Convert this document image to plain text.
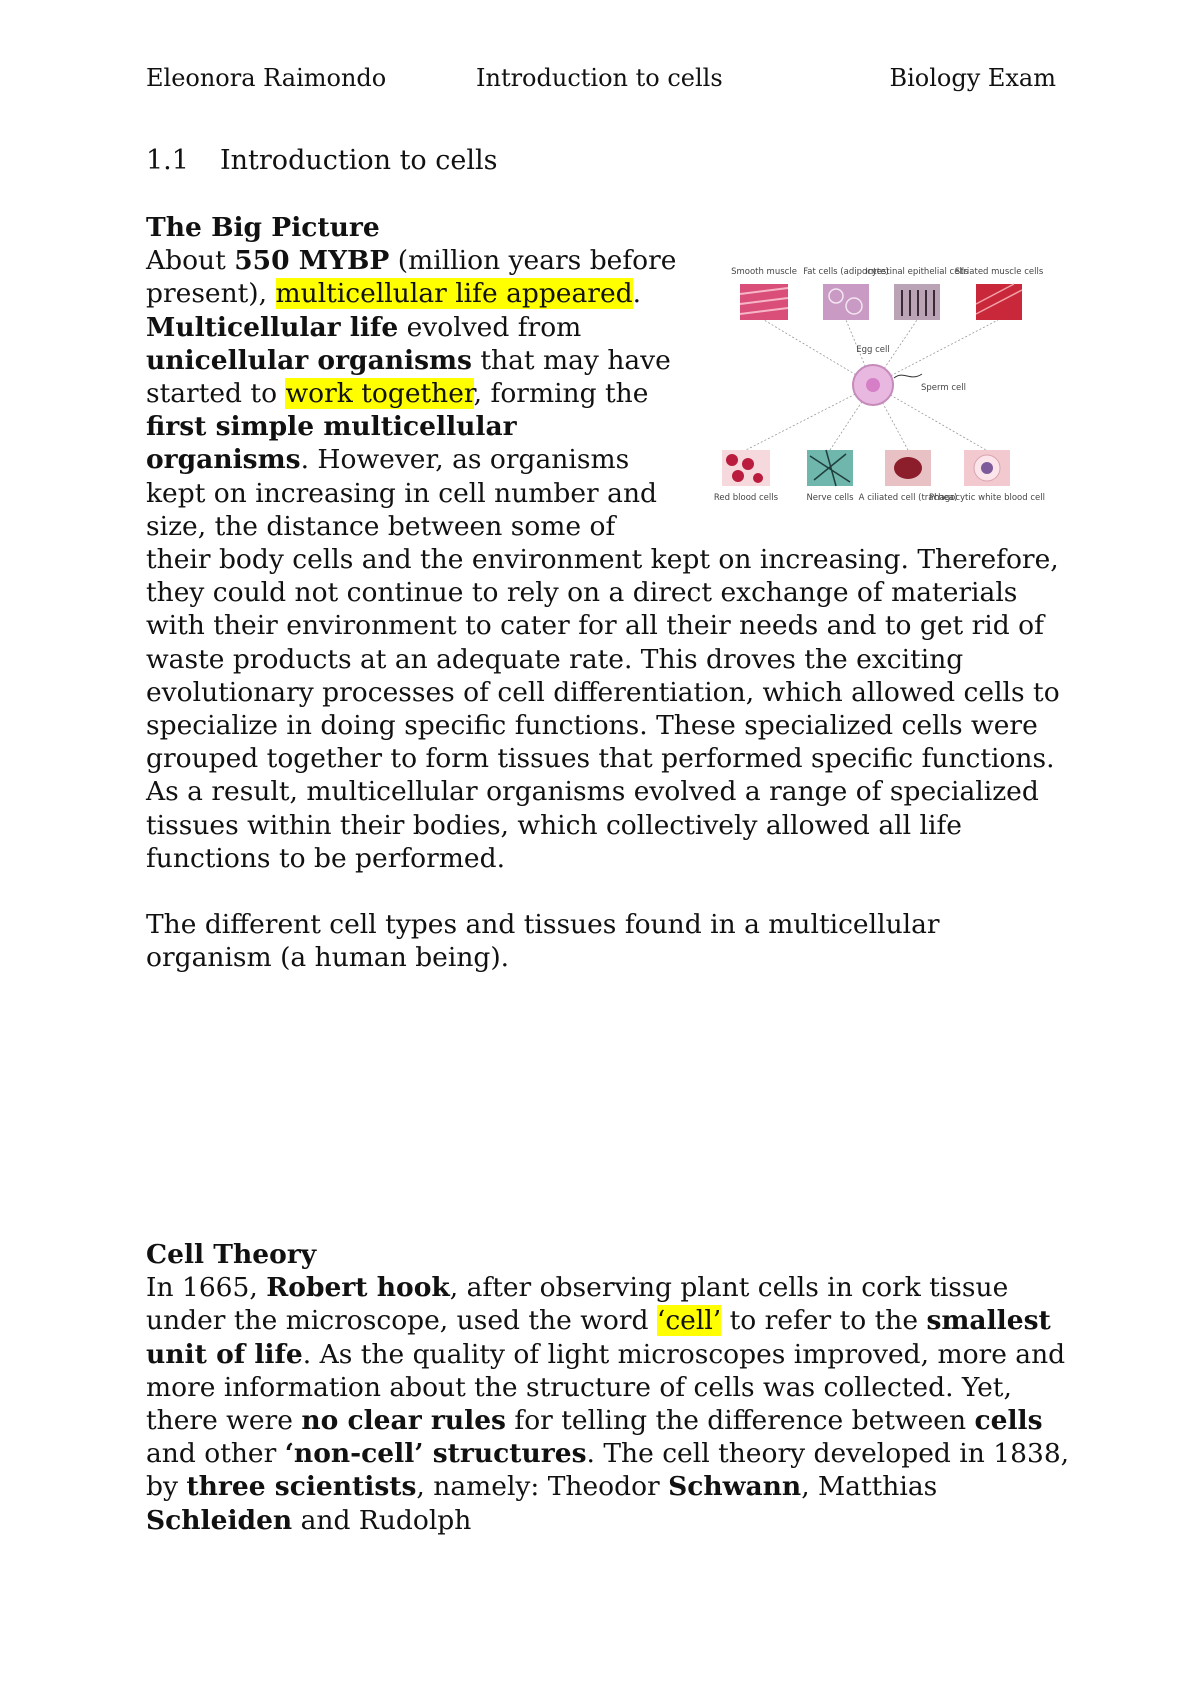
Eleonora Raimondo	Introduction to cells	Biology Exam
1.1 Introduction to cells
The Big Picture
Smooth muscle Fat cells (adipocyte)
Intestinal epithelial cells
Striated muscle cells
Egg cell
Sperm cell
Red blood cells	Nerve cells A ciliated cell (trachea)
Phagocytic white blood cell

About 550 MYBP (million years before present), multicellular life appeared. Multicellular life evolved from unicellular organisms that may have started to work together, forming the first simple multicellular organisms. However, as organisms kept on increasing in cell number and size, the distance between some of their body cells and the environment kept on increasing. Therefore, they could not continue to rely on a direct exchange of materials with their environment to cater for all their needs and to get rid of waste products at an adequate rate. This droves the exciting evolutionary processes of cell differentiation, which allowed cells to specialize in doing specific functions. These specialized cells were grouped together to form tissues that performed specific functions. As a result, multicellular organisms evolved a range of specialized tissues within their bodies, which collectively allowed all life functions to be performed.

The different cell types and tissues found in a multicellular organism (a human being).

Cell Theory

In 1665, Robert hook, after observing plant cells in cork tissue under the microscope, used the word ‘cell’ to refer to the smallest unit of life. As the quality of light microscopes improved, more and more information about the structure of cells was collected. Yet, there were no clear rules for telling the difference between cells and other ‘non-cell’ structures. The cell theory developed in 1838, by three scientists, namely: Theodor Schwann, Matthias Schleiden and Rudolph
